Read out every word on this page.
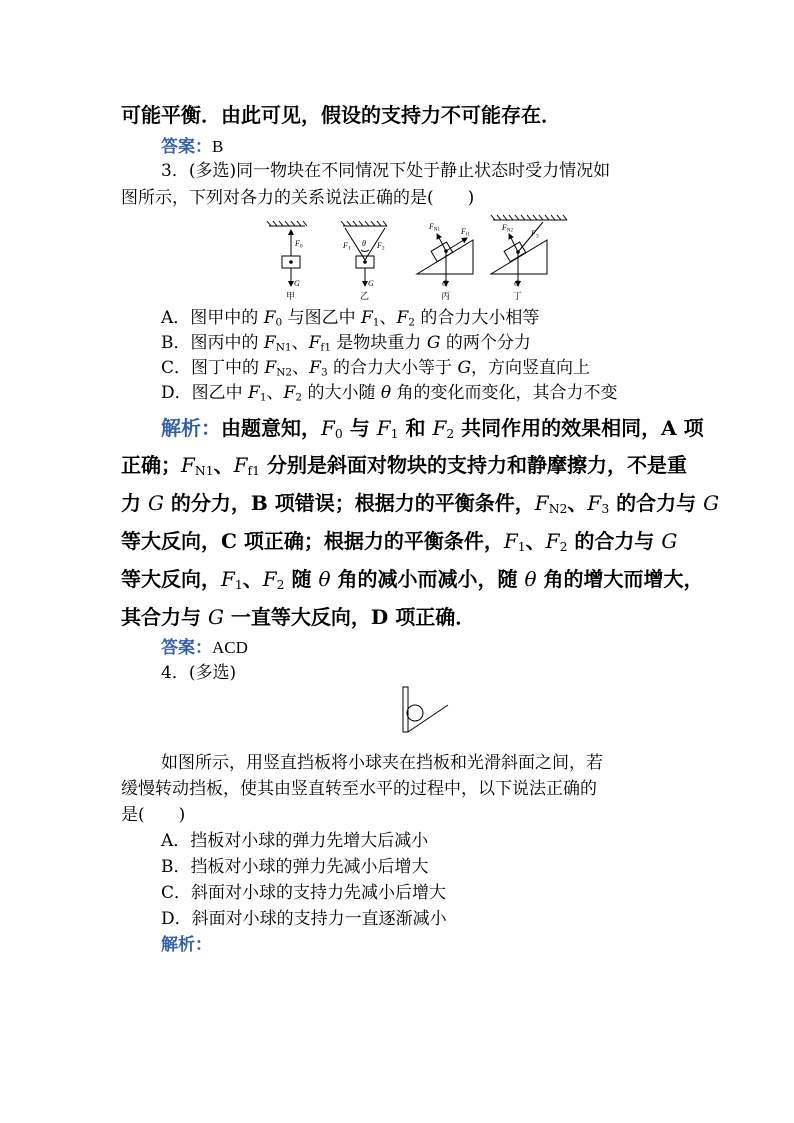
可能平衡．由此可见，假设的支持力不可能存在．
答案：B
3．(多选)同一物块在不同情况下处于静止状态时受力情况如
图所示，下列对各力的关系说法正确的是(　　)
F0
G
F1
θ F2
G
FN1	Ff1
G
FN2 F3
G
甲	乙	丙	丁
A．图甲中的 $F_0$ 与图乙中 $F_1$、$F_2$ 的合力大小相等
B．图丙中的 $F_{N1}$、$F_{f1}$ 是物块重力 G 的两个分力
C．图丁中的 $F_{N2}$、$F_3$ 的合力大小等于 G，方向竖直向上
D．图乙中 $F_1$、$F_2$ 的大小随 θ 角的变化而变化，其合力不变
解析：由题意知，$F_0$ 与 $F_1$ 和 $F_2$ 共同作用的效果相同，A 项
正确；$F_{N1}$、$F_{f1}$ 分别是斜面对物块的支持力和静摩擦力，不是重
力 G 的分力，B 项错误；根据力的平衡条件，$F_{N2}$、$F_3$ 的合力与 G
等大反向，C 项正确；根据力的平衡条件，$F_1$、$F_2$ 的合力与 G
等大反向，$F_1$、$F_2$ 随 θ 角的减小而减小，随 θ 角的增大而增大，
其合力与 G 一直等大反向，D 项正确．
答案：ACD
4．(多选)
如图所示，用竖直挡板将小球夹在挡板和光滑斜面之间，若
缓慢转动挡板，使其由竖直转至水平的过程中，以下说法正确的
是(　　)
A．挡板对小球的弹力先增大后减小
B．挡板对小球的弹力先减小后增大
C．斜面对小球的支持力先减小后增大
D．斜面对小球的支持力一直逐渐减小
解析：
